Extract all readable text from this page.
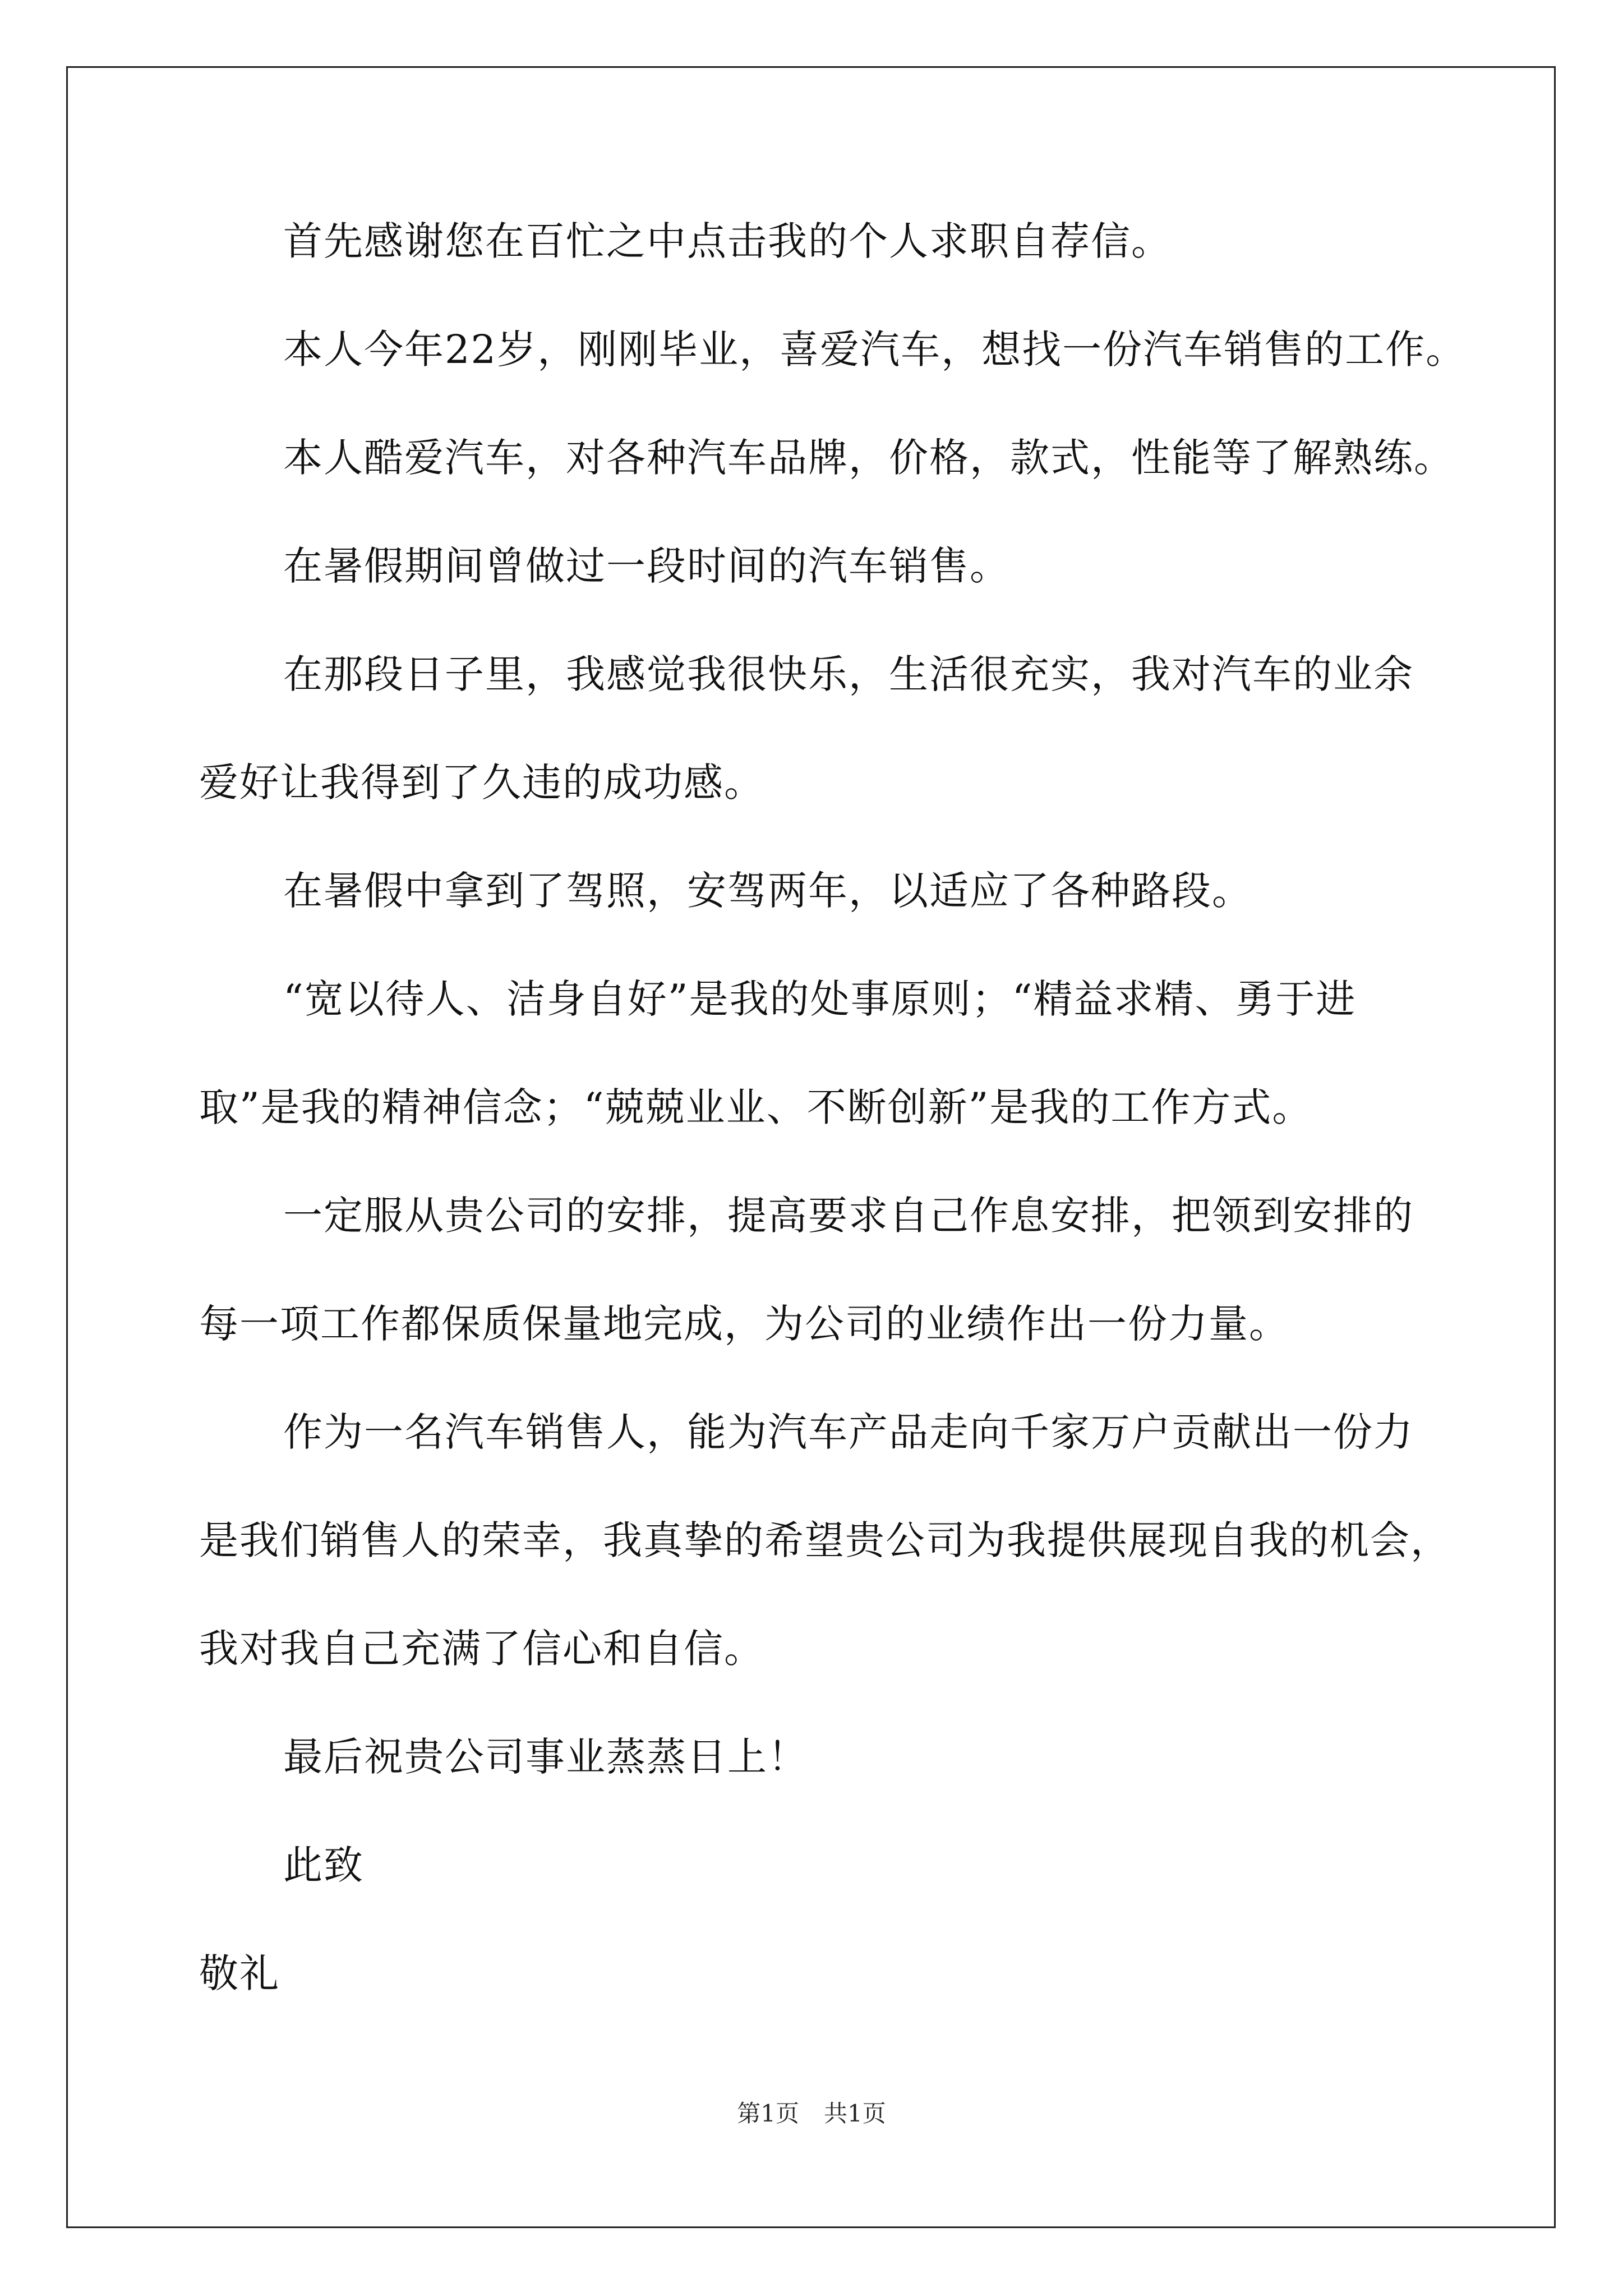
首先感谢您在百忙之中点击我的个人求职自荐信。
本人今年22岁，刚刚毕业，喜爱汽车，想找一份汽车销售的工作。
本人酷爱汽车，对各种汽车品牌，价格，款式，性能等了解熟练。
在暑假期间曾做过一段时间的汽车销售。
在那段日子里，我感觉我很快乐，生活很充实，我对汽车的业余
爱好让我得到了久违的成功感。
在暑假中拿到了驾照，安驾两年，以适应了各种路段。
“宽以待人、洁身自好”是我的处事原则；“精益求精、勇于进
取”是我的精神信念；“兢兢业业、不断创新”是我的工作方式。
一定服从贵公司的安排，提高要求自己作息安排，把领到安排的
每一项工作都保质保量地完成，为公司的业绩作出一份力量。
作为一名汽车销售人，能为汽车产品走向千家万户贡献出一份力
是我们销售人的荣幸，我真挚的希望贵公司为我提供展现自我的机会，
我对我自己充满了信心和自信。
最后祝贵公司事业蒸蒸日上！
此致
敬礼
第1页 共1页
